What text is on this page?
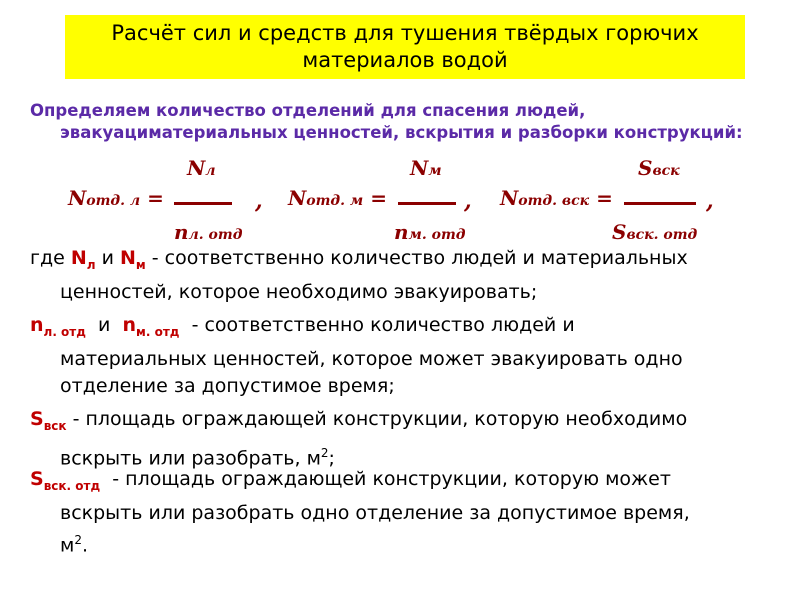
Расчёт сил и средств для тушения твёрдых горючих
материалов водой
Определяем количество отделений для спасения людей,
эвакуациматериальных ценностей, вскрытия и разборки конструкций:
Nотд. л =
Nл
nл. отд
, Nотд. м =
Nм
nм. отд
, Nотд. вск =
Sвск
Sвск. отд
,
где $N_л$ и $N_м$ - соответственно количество людей и материальных
ценностей, которое необходимо эвакуировать;
$n_{л. отд}$ и $n_{м. отд}$ - соответственно количество людей и
материальных ценностей, которое может эвакуировать одно
отделение за допустимое время;
$S_{вск}$ - площадь ограждающей конструкции, которую необходимо
вскрыть или разобрать, $м^2$;
$S_{вск. отд}$ - площадь ограждающей конструкции, которую может
вскрыть или разобрать одно отделение за допустимое время,
$м^2$.
